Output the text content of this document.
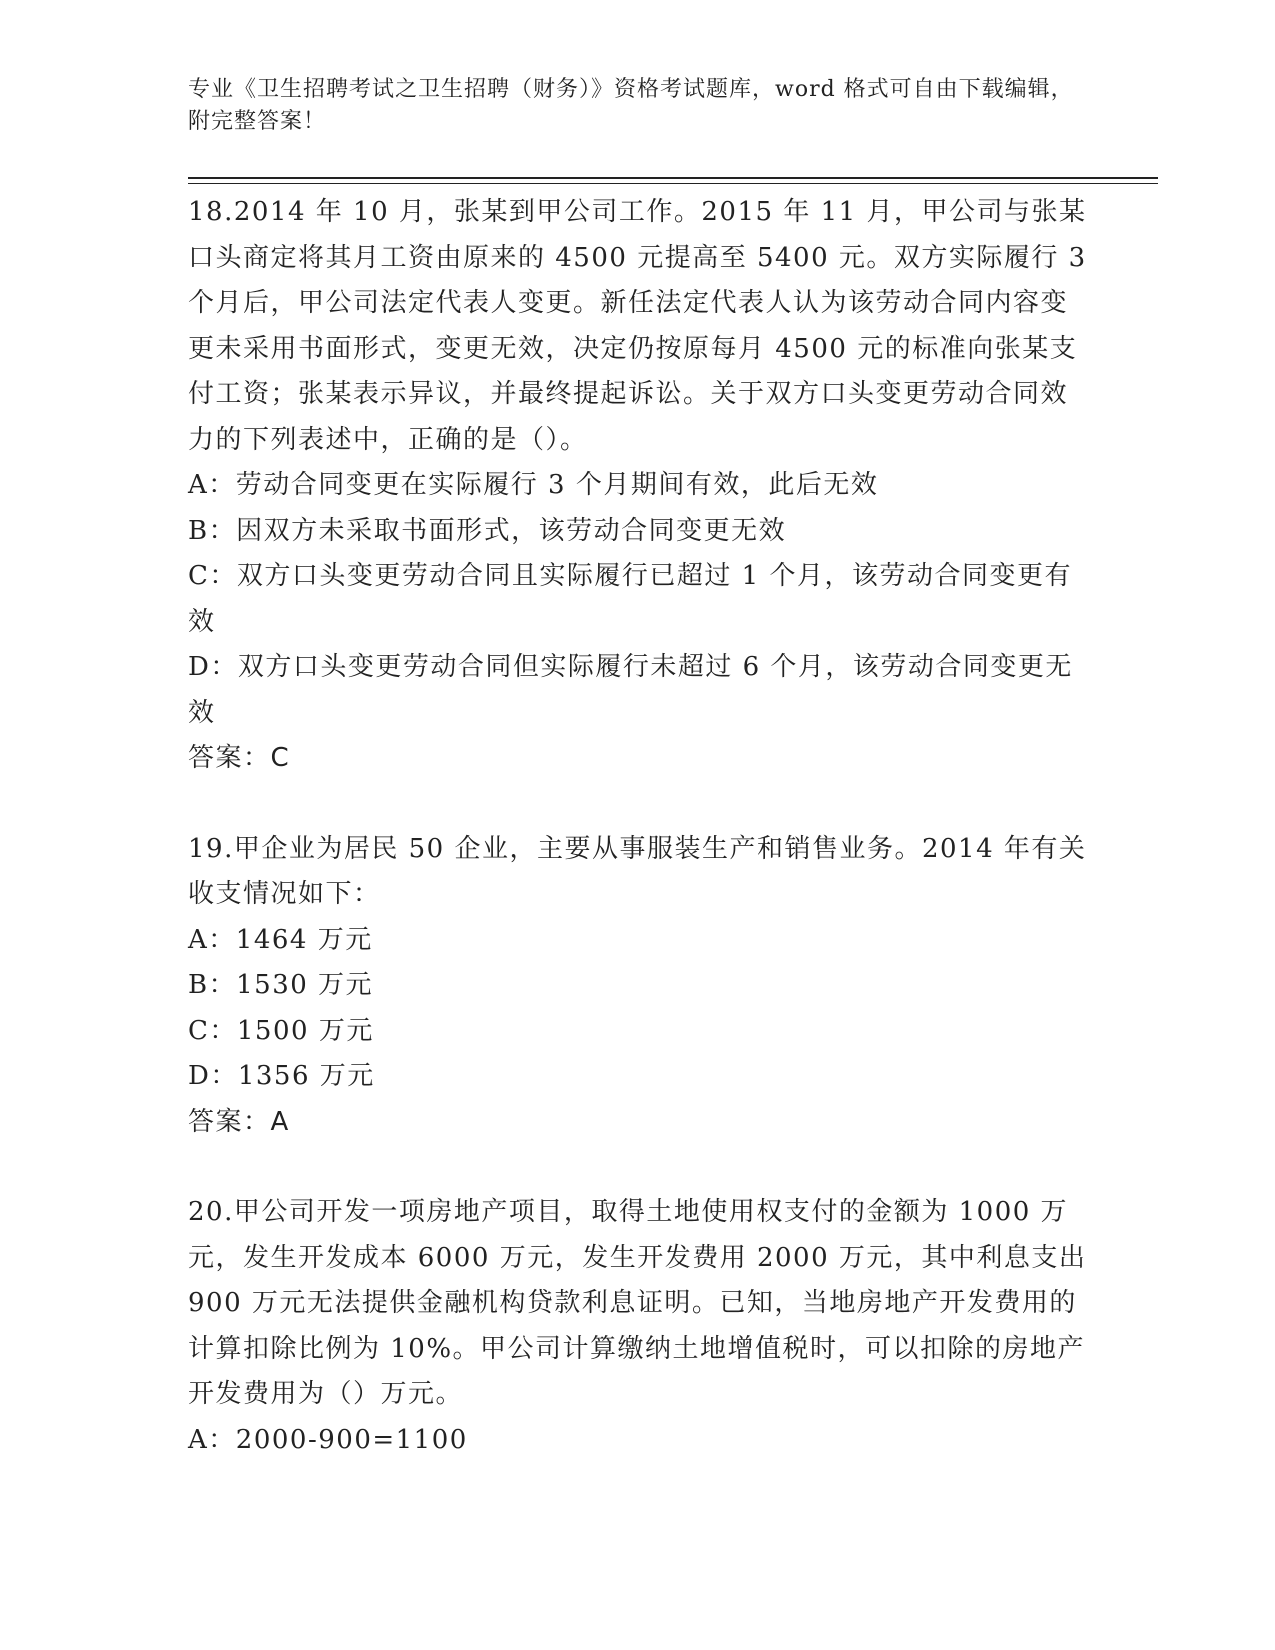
专业《卫生招聘考试之卫生招聘（财务）》资格考试题库，word 格式可自由下载编辑，附完整答案！

18.2014 年 10 月，张某到甲公司工作。2015 年 11 月，甲公司与张某口头商定将其月工资由原来的 4500 元提高至 5400 元。双方实际履行 3 个月后，甲公司法定代表人变更。新任法定代表人认为该劳动合同内容变更未采用书面形式，变更无效，决定仍按原每月 4500 元的标准向张某支付工资；张某表示异议，并最终提起诉讼。关于双方口头变更劳动合同效力的下列表述中，正确的是（）。

A：劳动合同变更在实际履行 3 个月期间有效，此后无效

B：因双方未采取书面形式，该劳动合同变更无效

C：双方口头变更劳动合同且实际履行已超过 1 个月，该劳动合同变更有效

D：双方口头变更劳动合同但实际履行未超过 6 个月，该劳动合同变更无效

答案：C

19.甲企业为居民 50 企业，主要从事服装生产和销售业务。2014 年有关收支情况如下：

A：1464 万元

B：1530 万元

C：1500 万元

D：1356 万元

答案：A

20.甲公司开发一项房地产项目，取得土地使用权支付的金额为 1000 万元，发生开发成本 6000 万元，发生开发费用 2000 万元，其中利息支出 900 万元无法提供金融机构贷款利息证明。已知，当地房地产开发费用的计算扣除比例为 10%。甲公司计算缴纳土地增值税时，可以扣除的房地产开发费用为（）万元。

A：2000-900=1100
